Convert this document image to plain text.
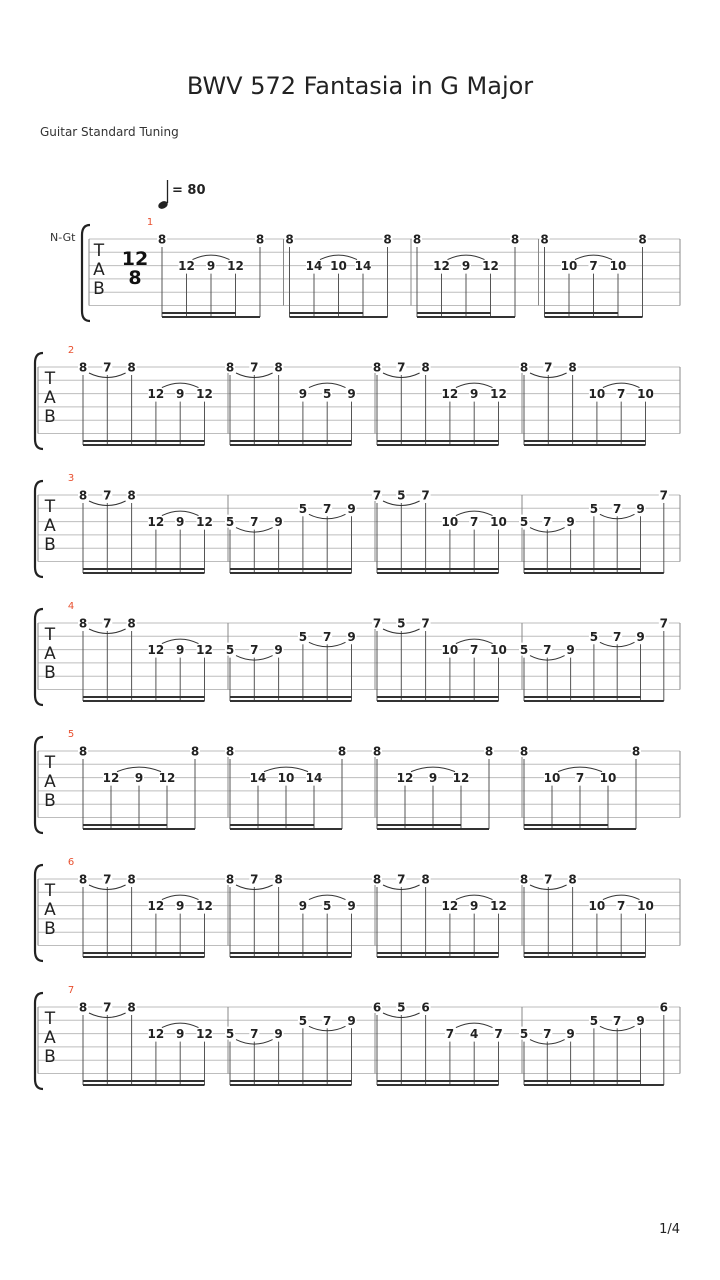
BWV 572 Fantasia in G Major
Guitar Standard Tuning
= 80
T
A
B
1
N-Gt
12
8
8
12 9 12
8 8
14 10 14
8 8
12 9 12
8 8
10 7 10
8
T
A
B
2
8 7 8
12 9 12
8 7 8
9 5 9
8 7 8
12 9 12
8 7 8
10 7 10
T
A
B
3
8 7 8
12 9 12 5 7 9
5 7 9
7 5 7
10 7 10 5 7 9
5 7 9
7
T
A
B
4
8 7 8
12 9 12 5 7 9
5 7 9
7 5 7
10 7 10 5 7 9
5 7 9
7
T
A
B
5
8
12 9 12
8 8
14 10 14
8 8
12 9 12
8 8
10 7 10
8
T
A
B
6
8 7 8
12 9 12
8 7 8
9 5 9
8 7 8
12 9 12
8 7 8
10 7 10
T
A
B
7
8 7 8
12 9 12 5 7 9
5 7 9
6 5 6
7 4 7 5 7 9
5 7 9
6
1/4
